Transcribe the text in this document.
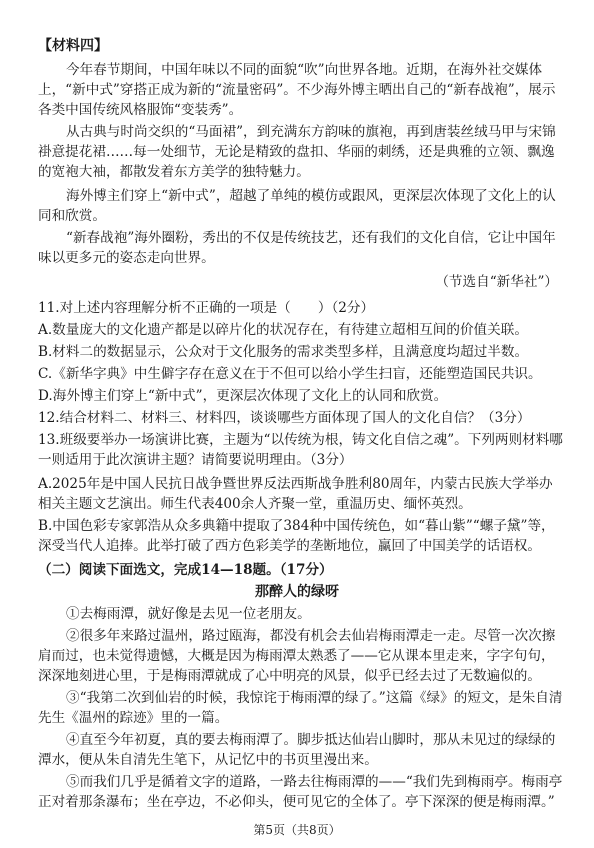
【材料四】

今年春节期间，中国年味以不同的面貌“吹”向世界各地。近期，在海外社交媒体上，“新中式”穿搭正成为新的“流量密码”。不少海外博主晒出自己的“新春战袍”，展示各类中国传统风格服饰“变装秀”。

从古典与时尚交织的“马面裙”，到充满东方韵味的旗袍，再到唐装丝绒马甲与宋锦褂意提花裙……每一处细节，无论是精致的盘扣、华丽的刺绣，还是典雅的立领、飘逸的宽袍大袖，都散发着东方美学的独特魅力。

海外博主们穿上“新中式”，超越了单纯的模仿或跟风，更深层次体现了文化上的认同和欣赏。

“新春战袍”海外圈粉，秀出的不仅是传统技艺，还有我们的文化自信，它让中国年味以更多元的姿态走向世界。

（节选自“新华社”）

11.对上述内容理解分析不正确的一项是（　　）（2分）

A.数量庞大的文化遗产都是以碎片化的状况存在，有待建立超相互间的价值关联。

B.材料二的数据显示，公众对于文化服务的需求类型多样，且满意度均超过半数。

C.《新华字典》中生僻字存在意义在于不但可以给小学生扫盲，还能塑造国民共识。

D.海外博主们穿上“新中式”，更深层次体现了文化上的认同和欣赏。

12.结合材料二、材料三、材料四，谈谈哪些方面体现了国人的文化自信？（3分）

13.班级要举办一场演讲比赛，主题为“以传统为根，铸文化自信之魂”。下列两则材料哪一则适用于此次演讲主题？请简要说明理由。（3分）

A.2025年是中国人民抗日战争暨世界反法西斯战争胜利80周年，内蒙古民族大学举办相关主题文艺演出。师生代表400余人齐聚一堂，重温历史、缅怀英烈。

B.中国色彩专家郭浩从众多典籍中提取了384种中国传统色，如“暮山紫”“螺子黛”等，深受当代人追捧。此举打破了西方色彩美学的垄断地位，赢回了中国美学的话语权。

（二）阅读下面选文，完成14—18题。（17分）

那醉人的绿呀

①去梅雨潭，就好像是去见一位老朋友。

②很多年来路过温州，路过瓯海，都没有机会去仙岩梅雨潭走一走。尽管一次次擦肩而过，也未觉得遗憾，大概是因为梅雨潭太熟悉了——它从课本里走来，字字句句，深深地刻进心里，于是梅雨潭就成了心中明亮的风景，似乎已经去过了无数遍似的。

③“我第二次到仙岩的时候，我惊诧于梅雨潭的绿了。”这篇《绿》的短文，是朱自清先生《温州的踪迹》里的一篇。

④直至今年初夏，真的要去梅雨潭了。脚步抵达仙岩山脚时，那从未见过的绿绿的潭水，便从朱自清先生笔下，从记忆中的书页里漫出来。

⑤而我们几乎是循着文字的道路，一路去往梅雨潭的——“我们先到梅雨亭。梅雨亭正对着那条瀑布；坐在亭边，不必仰头，便可见它的全体了。亭下深深的便是梅雨潭。”

第5页（共8页）
